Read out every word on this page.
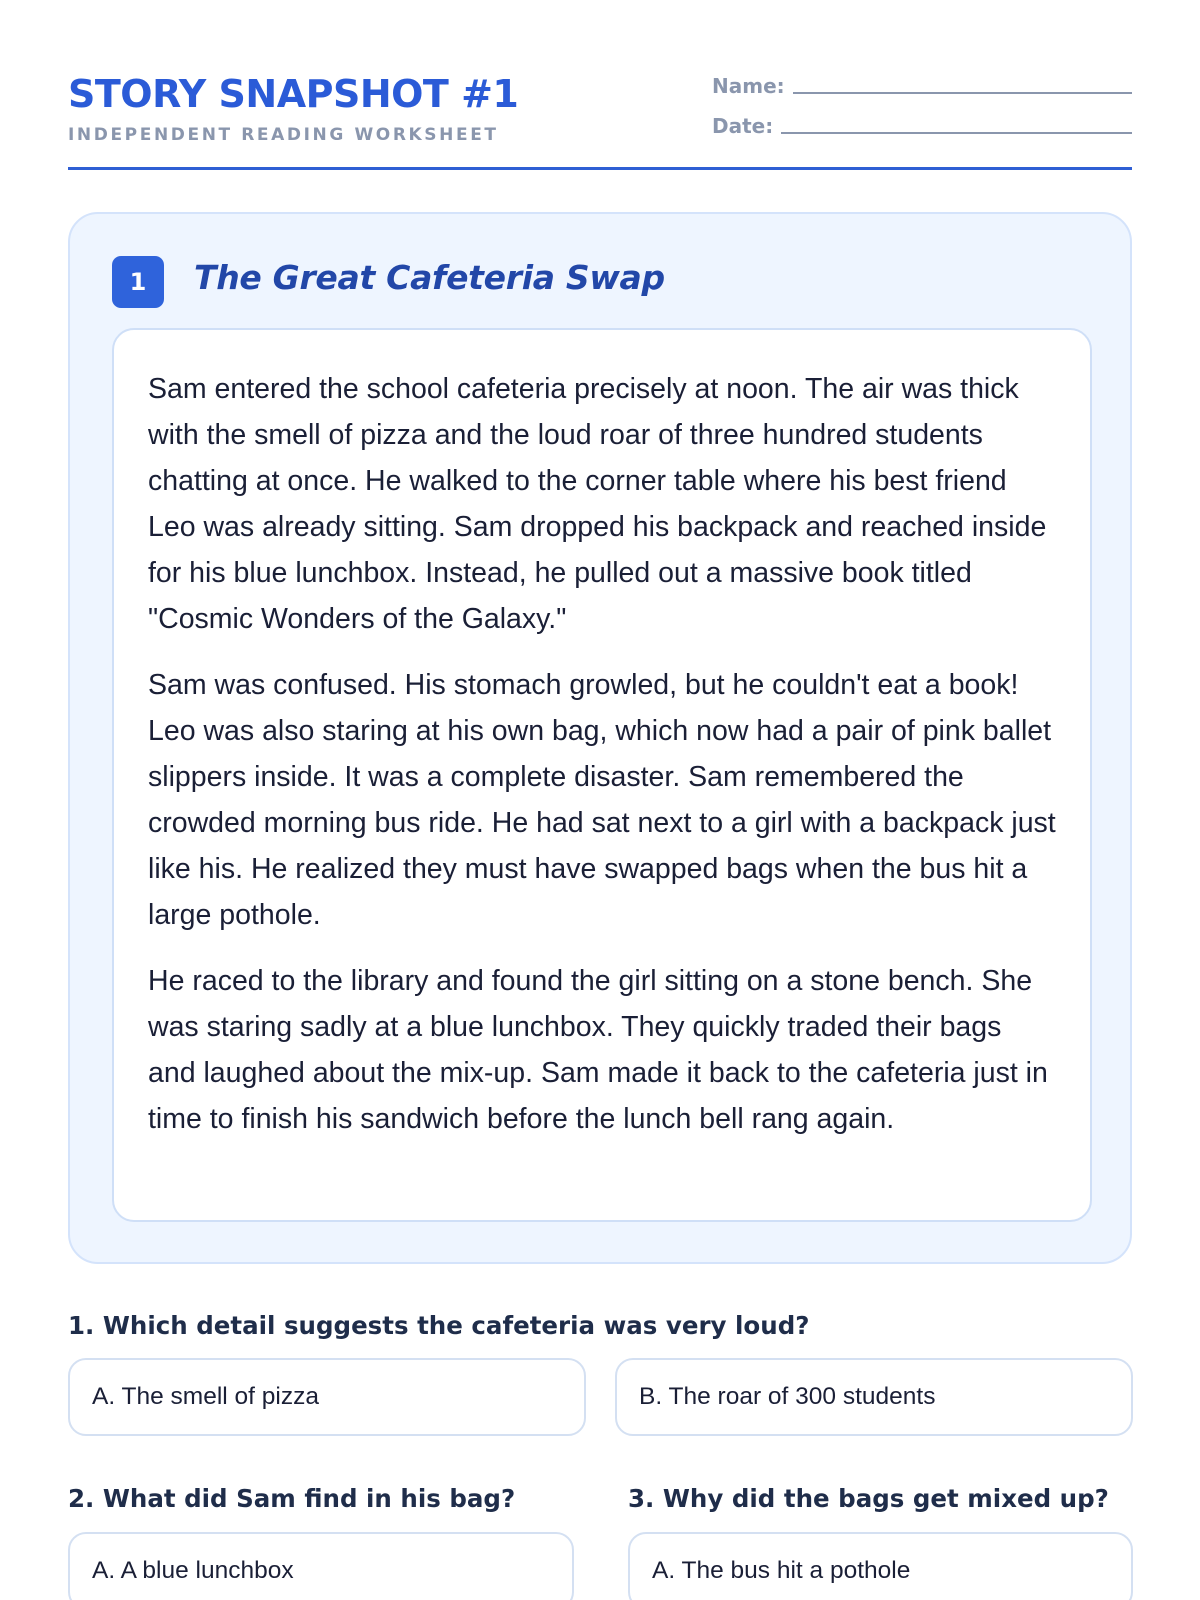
STORY SNAPSHOT #1
INDEPENDENT READING WORKSHEET
Name:
Date:
1	The Great Cafeteria Swap

Sam entered the school cafeteria precisely at noon. The air was thick with the smell of pizza and the loud roar of three hundred students chatting at once. He walked to the corner table where his best friend Leo was already sitting. Sam dropped his backpack and reached inside for his blue lunchbox. Instead, he pulled out a massive book titled "Cosmic Wonders of the Galaxy."

Sam was confused. His stomach growled, but he couldn't eat a book! Leo was also staring at his own bag, which now had a pair of pink ballet slippers inside. It was a complete disaster. Sam remembered the crowded morning bus ride. He had sat next to a girl with a backpack just like his. He realized they must have swapped bags when the bus hit a large pothole.

He raced to the library and found the girl sitting on a stone bench. She was staring sadly at a blue lunchbox. They quickly traded their bags and laughed about the mix-up. Sam made it back to the cafeteria just in time to finish his sandwich before the lunch bell rang again.

1. Which detail suggests the cafeteria was very loud?
A. The smell of pizza	B. The roar of 300 students
2. What did Sam find in his bag?
A. A blue lunchbox
3. Why did the bags get mixed up?
A. The bus hit a pothole
